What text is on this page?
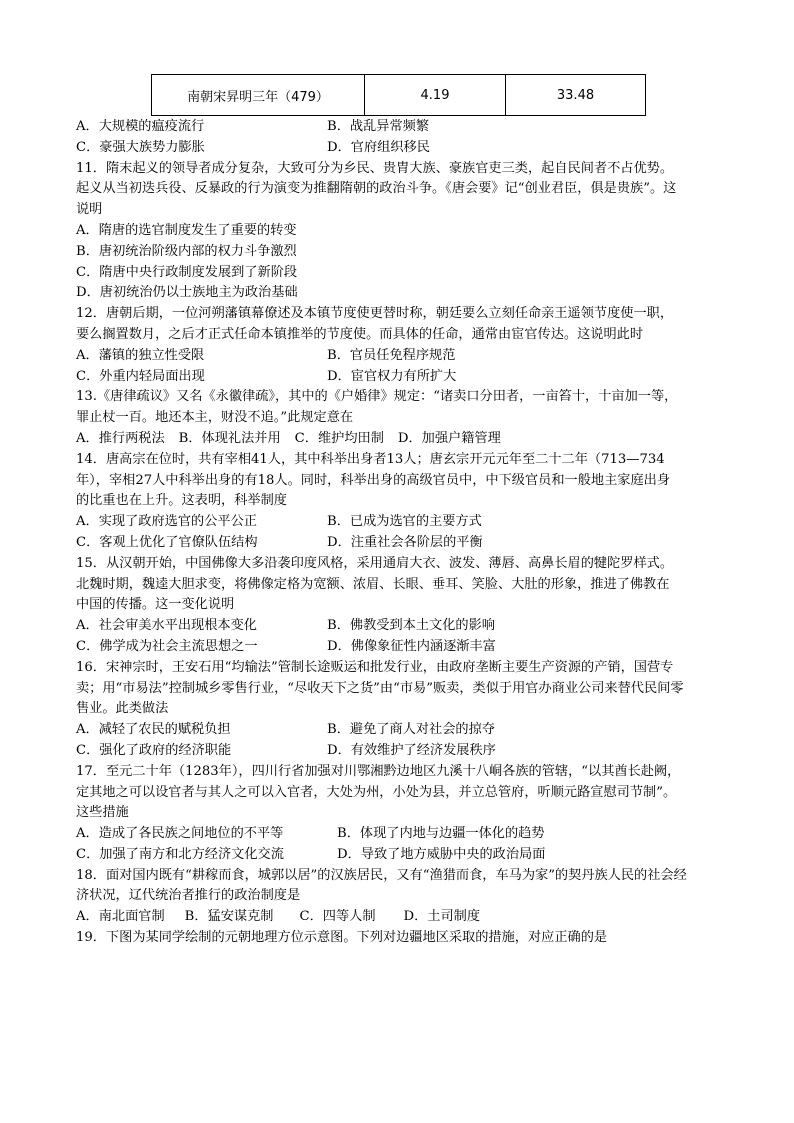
南朝宋昇明三年（479）	4.19	33.48
A．大规模的瘟疫流行	B．战乱异常频繁
C．豪强大族势力膨胀	D．官府组织移民
11．隋末起义的领导者成分复杂，大致可分为乡民、贵胄大族、豪族官吏三类，起自民间者不占优势。
起义从当初迭兵役、反暴政的行为演变为推翻隋朝的政治斗争。《唐会要》记“创业君臣，俱是贵族”。这
说明
A．隋唐的选官制度发生了重要的转变
B．唐初统治阶级内部的权力斗争激烈
C．隋唐中央行政制度发展到了新阶段
D．唐初统治仍以士族地主为政治基础
12．唐朝后期，一位河朔藩镇幕僚述及本镇节度使更替时称，朝廷要么立刻任命亲王遥领节度使一职，
要么搁置数月，之后才正式任命本镇推举的节度使。而具体的任命，通常由宦官传达。这说明此时
A．藩镇的独立性受限	B．官员任免程序规范
C．外重内轻局面出现	D．宦官权力有所扩大
13.《唐律疏议》又名《永徽律疏》，其中的《户婚律》规定：“诸卖口分田者，一亩笞十，十亩加一等，
罪止杖一百。地还本主，财没不追。”此规定意在
A．推行两税法 B．体现礼法并用 C．维护均田制 D．加强户籍管理
14．唐高宗在位时，共有宰相41人，其中科举出身者13人；唐玄宗开元元年至二十二年（713—734
年），宰相27人中科举出身的有18人。同时，科举出身的高级官员中，中下级官员和一般地主家庭出身
的比重也在上升。这表明，科举制度
A．实现了政府选官的公平公正	B．已成为选官的主要方式
C．客观上优化了官僚队伍结构	D．注重社会各阶层的平衡
15．从汉朝开始，中国佛像大多沿袭印度风格，采用通肩大衣、波发、薄唇、高鼻长眉的犍陀罗样式。
北魏时期，魏逵大胆求变，将佛像定格为宽额、浓眉、长眼、垂耳、笑脸、大肚的形象，推进了佛教在
中国的传播。这一变化说明
A．社会审美水平出现根本变化	B．佛教受到本土文化的影响
C．佛学成为社会主流思想之一	D．佛像象征性内涵逐渐丰富
16．宋神宗时，王安石用“均输法”管制长途贩运和批发行业，由政府垄断主要生产资源的产销，国营专
卖；用“市易法”控制城乡零售行业，“尽收天下之货”由“市易”贩卖，类似于用官办商业公司来替代民间零
售业。此类做法
A．减轻了农民的赋税负担	B．避免了商人对社会的掠夺
C．强化了政府的经济职能	D．有效维护了经济发展秩序
17．至元二十年（1283年），四川行省加强对川鄂湘黔边地区九溪十八峒各族的管辖，“以其酋长赴阙，
定其地之可以设官者与其人之可以入官者，大处为州，小处为县，并立总管府，听顺元路宣慰司节制”。
这些措施
A．造成了各民族之间地位的不平等	B．体现了内地与边疆一体化的趋势
C．加强了南方和北方经济文化交流	D．导致了地方威胁中央的政治局面
18．面对国内既有“耕稼而食，城郭以居”的汉族居民，又有“渔猎而食，车马为家”的契丹族人民的社会经
济状况，辽代统治者推行的政治制度是
A．南北面官制 B．猛安谋克制 C．四等人制 D．土司制度
19．下图为某同学绘制的元朝地理方位示意图。下列对边疆地区采取的措施，对应正确的是
